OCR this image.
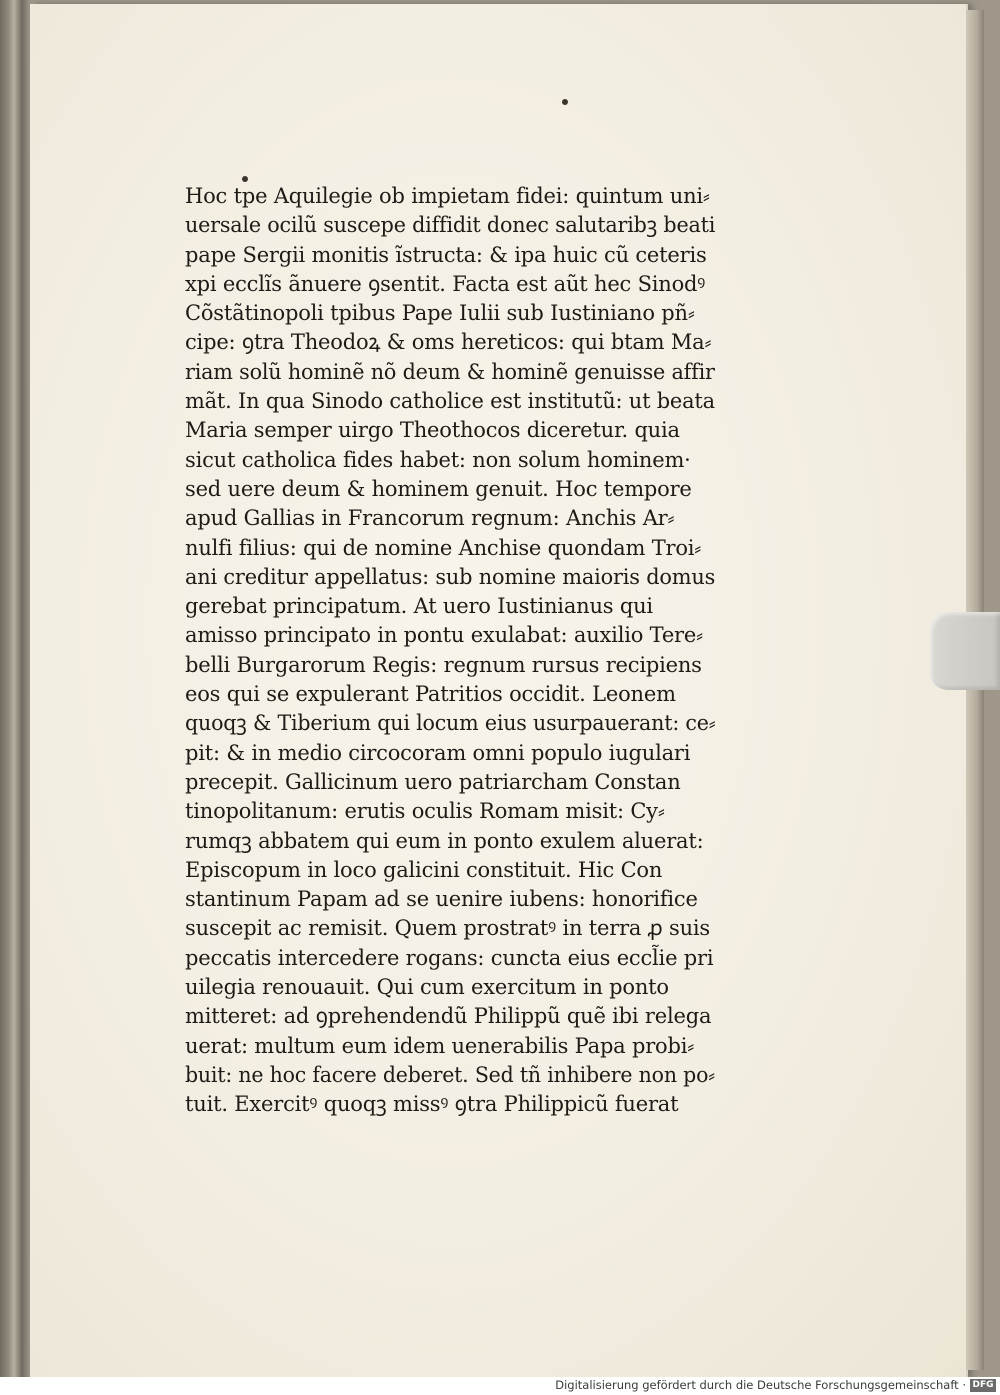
Hoc tpe Aquilegie ob impietam fidei: quintum uni⸗
uersale ocilũ suscepe diffidit donec salutaribꝫ beati
pape Sergii monitis ĩstructa: & ipa huic cũ ceteris
xpi ecclĩs ãnuere ꝯsentit. Facta est aũt hec Sinodꝰ
Cõstãtinopoli tpibus Pape Iulii sub Iustiniano pñ⸗
cipe: ꝯtra Theodoꝝ & oms hereticos: qui btam Ma⸗
riam solũ hominẽ nõ deum & hominẽ genuisse affir
mãt. In qua Sinodo catholice est institutũ: ut beata
Maria semper uirgo Theothocos diceretur. quia
sicut catholica fides habet: non solum hominem·
sed uere deum & hominem genuit. Hoc tempore
apud Gallias in Francorum regnum: Anchis Ar⸗
nulfi filius: qui de nomine Anchise quondam Troi⸗
ani creditur appellatus: sub nomine maioris domus
gerebat principatum. At uero Iustinianus qui
amisso principato in pontu exulabat: auxilio Tere⸗
belli Burgarorum Regis: regnum rursus recipiens
eos qui se expulerant Patritios occidit. Leonem
quoqꝫ & Tiberium qui locum eius usurpauerant: ce⸗
pit: & in medio circocoram omni populo iugulari
precepit. Gallicinum uero patriarcham Constan
tinopolitanum: erutis oculis Romam misit: Cy⸗
rumqꝫ abbatem qui eum in ponto exulem aluerat:
Episcopum in loco galicini constituit. Hic Con
stantinum Papam ad se uenire iubens: honorifice
suscepit ac remisit. Quem prostratꝰ in terra ꝓ suis
peccatis intercedere rogans: cuncta eius eccl̃ie pri
uilegia renouauit. Qui cum exercitum in ponto
mitteret: ad ꝯprehendendũ Philippũ quẽ ibi relega
uerat: multum eum idem uenerabilis Papa probi⸗
buit: ne hoc facere deberet. Sed tñ inhibere non po⸗
tuit. Exercitꝰ quoqꝫ missꝰ ꝯtra Philippicũ fuerat
Digitalisierung gefördert durch die Deutsche Forschungsgemeinschaft · DFG
